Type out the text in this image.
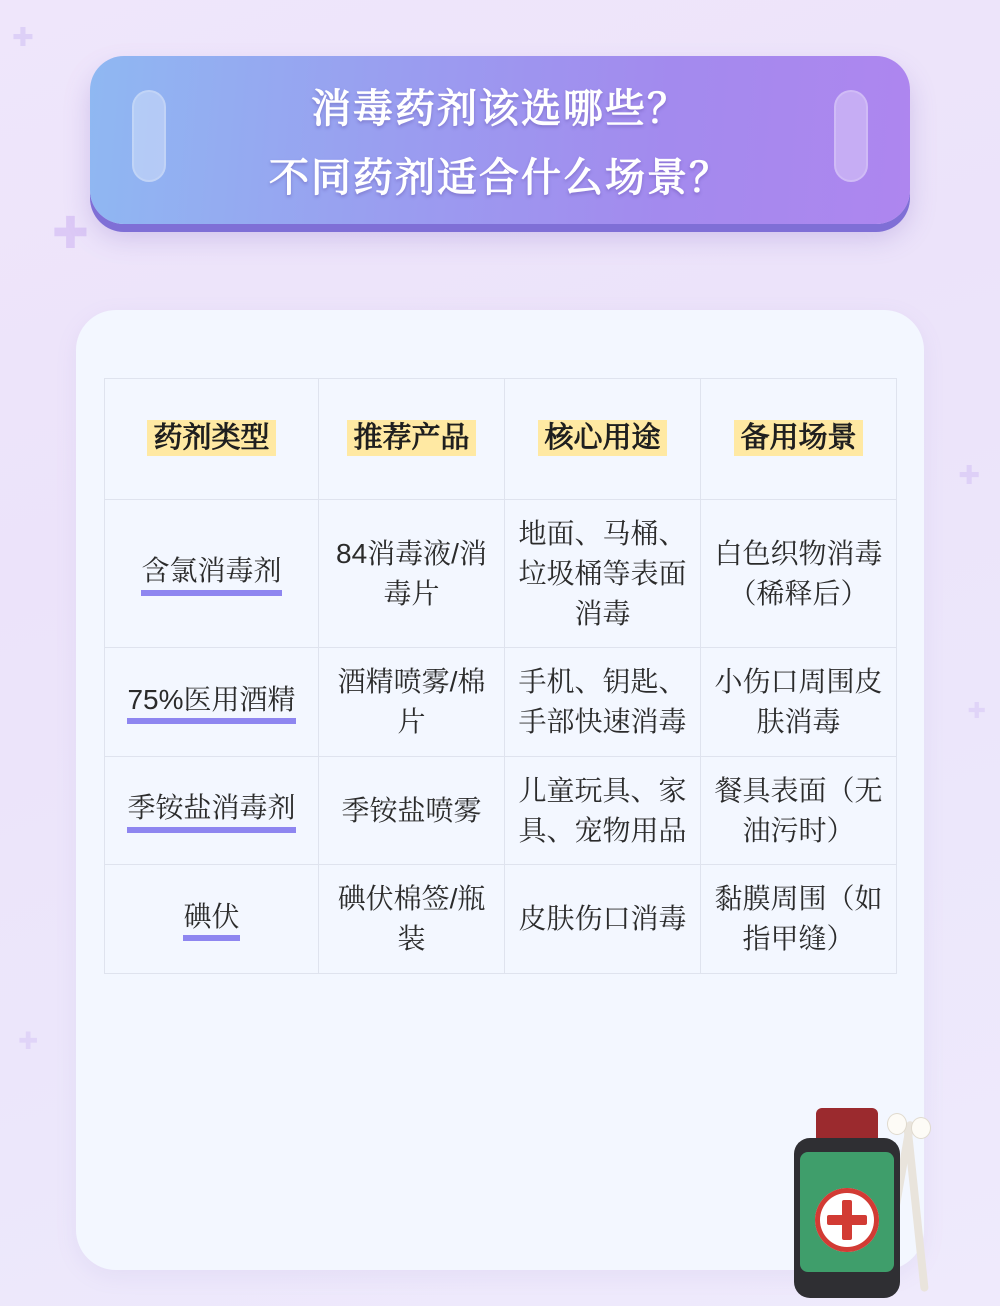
✚
✚
✚
✚
✚
消毒药剂该选哪些？
不同药剂适合什么场景？
药剂类型	推荐产品	核心用途	备用场景
含氯消毒剂	84消毒液/消毒片	地面、马桶、垃圾桶等表面消毒	白色织物消毒（稀释后）
75%医用酒精	酒精喷雾/棉片	手机、钥匙、手部快速消毒	小伤口周围皮肤消毒
季铵盐消毒剂	季铵盐喷雾	儿童玩具、家具、宠物用品	餐具表面（无油污时）
碘伏	碘伏棉签/瓶装	皮肤伤口消毒	黏膜周围（如指甲缝）
